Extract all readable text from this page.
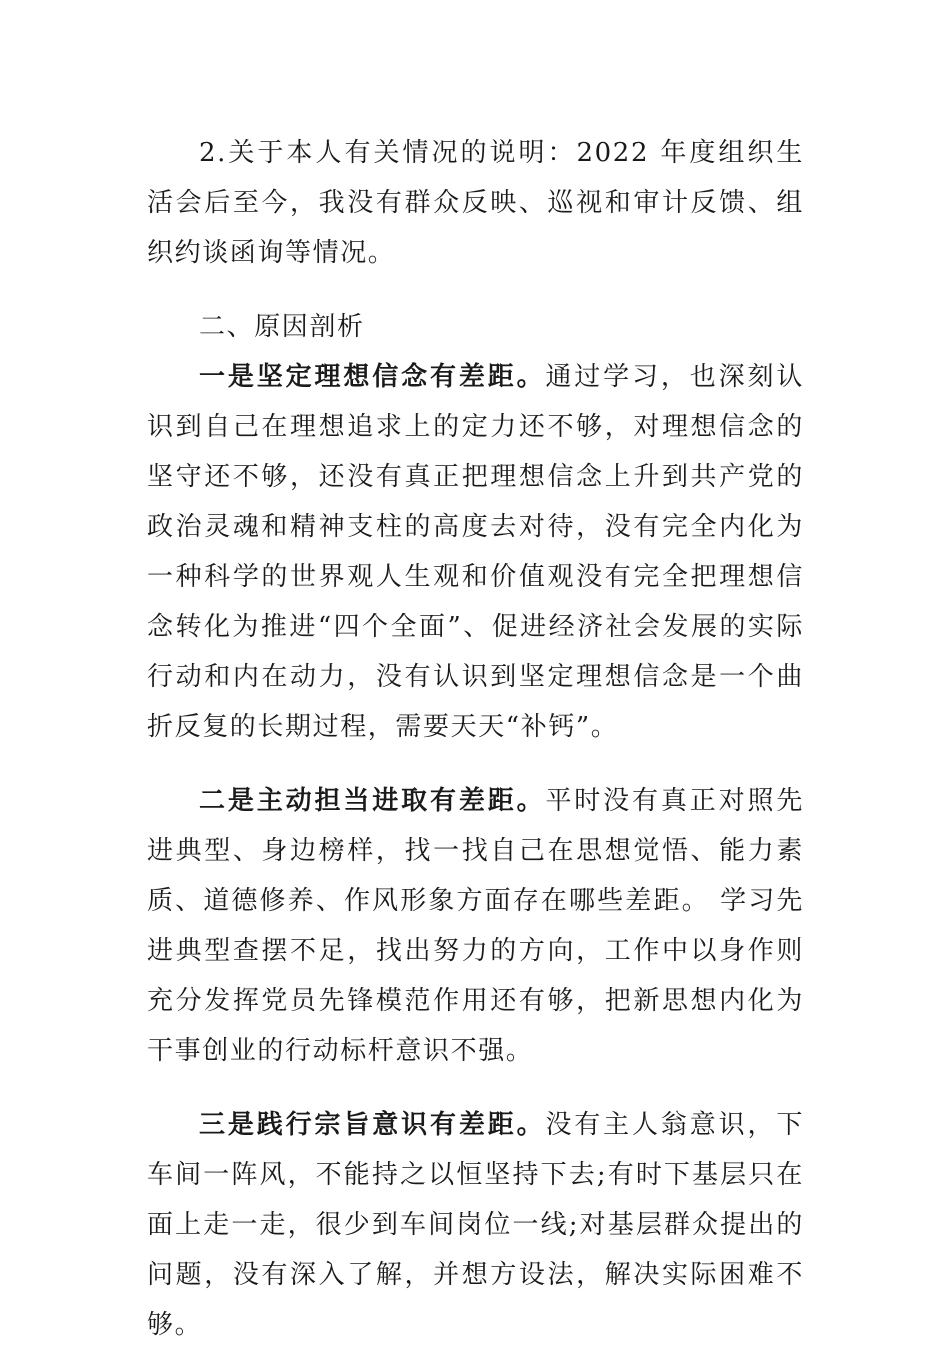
2.关于本人有关情况的说明：2022 年度组织生活会后至今，我没有群众反映、巡视和审计反馈、组织约谈函询等情况。

二、原因剖析

一是坚定理想信念有差距。通过学习，也深刻认识到自己在理想追求上的定力还不够，对理想信念的坚守还不够，还没有真正把理想信念上升到共产党的政治灵魂和精神支柱的高度去对待，没有完全内化为一种科学的世界观人生观和价值观没有完全把理想信念转化为推进“四个全面”、促进经济社会发展的实际行动和内在动力，没有认识到坚定理想信念是一个曲折反复的长期过程，需要天天“补钙”。

二是主动担当进取有差距。平时没有真正对照先进典型、身边榜样，找一找自己在思想觉悟、能力素质、道德修养、作风形象方面存在哪些差距。 学习先进典型查摆不足，找出努力的方向，工作中以身作则充分发挥党员先锋模范作用还有够，把新思想内化为干事创业的行动标杆意识不强。

三是践行宗旨意识有差距。没有主人翁意识，下车间一阵风，不能持之以恒坚持下去;有时下基层只在面上走一走，很少到车间岗位一线;对基层群众提出的问题，没有深入了解，并想方设法，解决实际困难不够。
